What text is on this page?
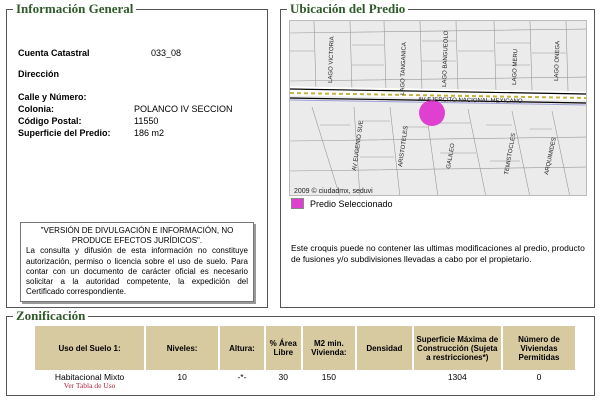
Información General
Cuenta Catastral	033_08
Dirección
Calle y Número:
Colonia:	POLANCO IV SECCION
Código Postal:	11550
Superficie del Predio:	186 m2
"VERSIÓN DE DIVULGACIÓN E INFORMACIÓN, NO PRODUCE EFECTOS JURÍDICOS".
La consulta y difusión de esta información no constituye autorización, permiso o licencia sobre el uso de suelo. Para contar con un documento de carácter oficial es necesario solicitar a la autoridad competente, la expedición del Certificado correspondiente.
Ubicación del Predio
LAGO VICTORIA	LAGO TANGANICA	LAGO BANGUEOLO	LAGO MERU	LAGO ONEGA
AV EJERCITO NACIONAL MEXICANO
AV EUGENIO SUE	ARISTOTELES	GALILEO	TEMISTOCLES	ARQUIMIDES
2009 © ciudadmx, seduvi
Predio Seleccionado
Este croquis puede no contener las ultimas modificaciones al predio, producto de fusiones y/o subdivisiones llevadas a cabo por el propietario.
Zonificación
Uso del Suelo 1:	Niveles:	Altura:	% Área Libre	M2 min. Vivienda:	Densidad	Superficie Máxima de Construcción (Sujeta a restricciones*)	Número de Viviendas Permitidas
Habitacional Mixto
Ver Tabla de Uso	10	-*-	30	150		1304	0
